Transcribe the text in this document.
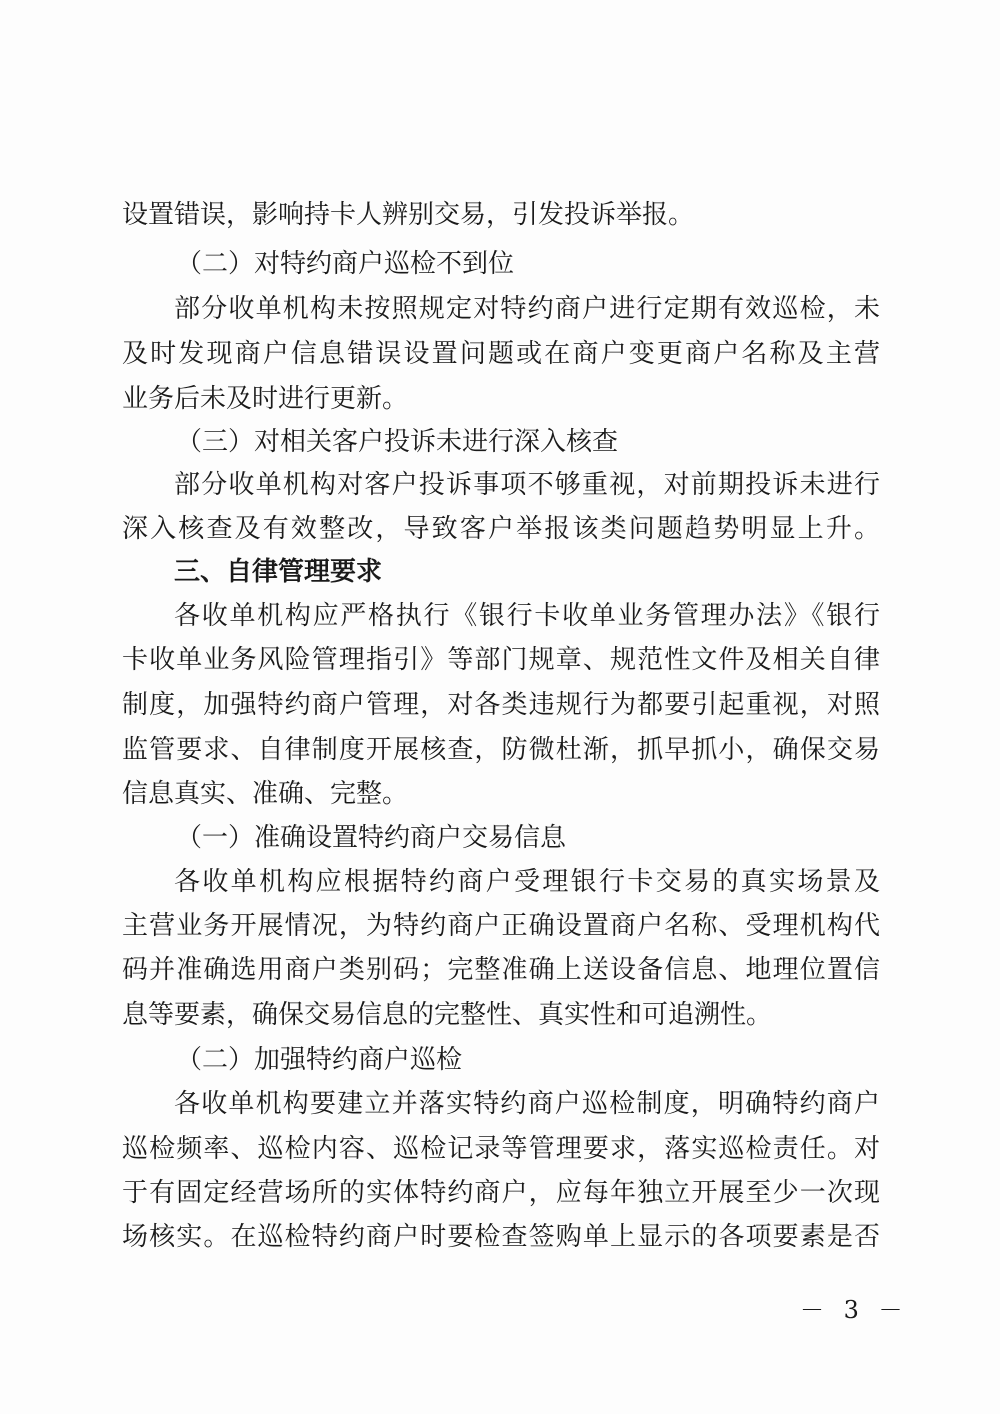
设置错误，影响持卡人辨别交易，引发投诉举报。
（二）对特约商户巡检不到位
部分收单机构未按照规定对特约商户进行定期有效巡检，未
及时发现商户信息错误设置问题或在商户变更商户名称及主营
业务后未及时进行更新。
（三）对相关客户投诉未进行深入核查
部分收单机构对客户投诉事项不够重视，对前期投诉未进行
深入核查及有效整改，导致客户举报该类问题趋势明显上升。
三、自律管理要求
各收单机构应严格执行《银行卡收单业务管理办法》《银行
卡收单业务风险管理指引》等部门规章、规范性文件及相关自律
制度，加强特约商户管理，对各类违规行为都要引起重视，对照
监管要求、自律制度开展核查，防微杜渐，抓早抓小，确保交易
信息真实、准确、完整。
（一）准确设置特约商户交易信息
各收单机构应根据特约商户受理银行卡交易的真实场景及
主营业务开展情况，为特约商户正确设置商户名称、受理机构代
码并准确选用商户类别码；完整准确上送设备信息、地理位置信
息等要素，确保交易信息的完整性、真实性和可追溯性。
（二）加强特约商户巡检
各收单机构要建立并落实特约商户巡检制度，明确特约商户
巡检频率、巡检内容、巡检记录等管理要求，落实巡检责任。对
于有固定经营场所的实体特约商户，应每年独立开展至少一次现
场核实。在巡检特约商户时要检查签购单上显示的各项要素是否
－ 3 －
